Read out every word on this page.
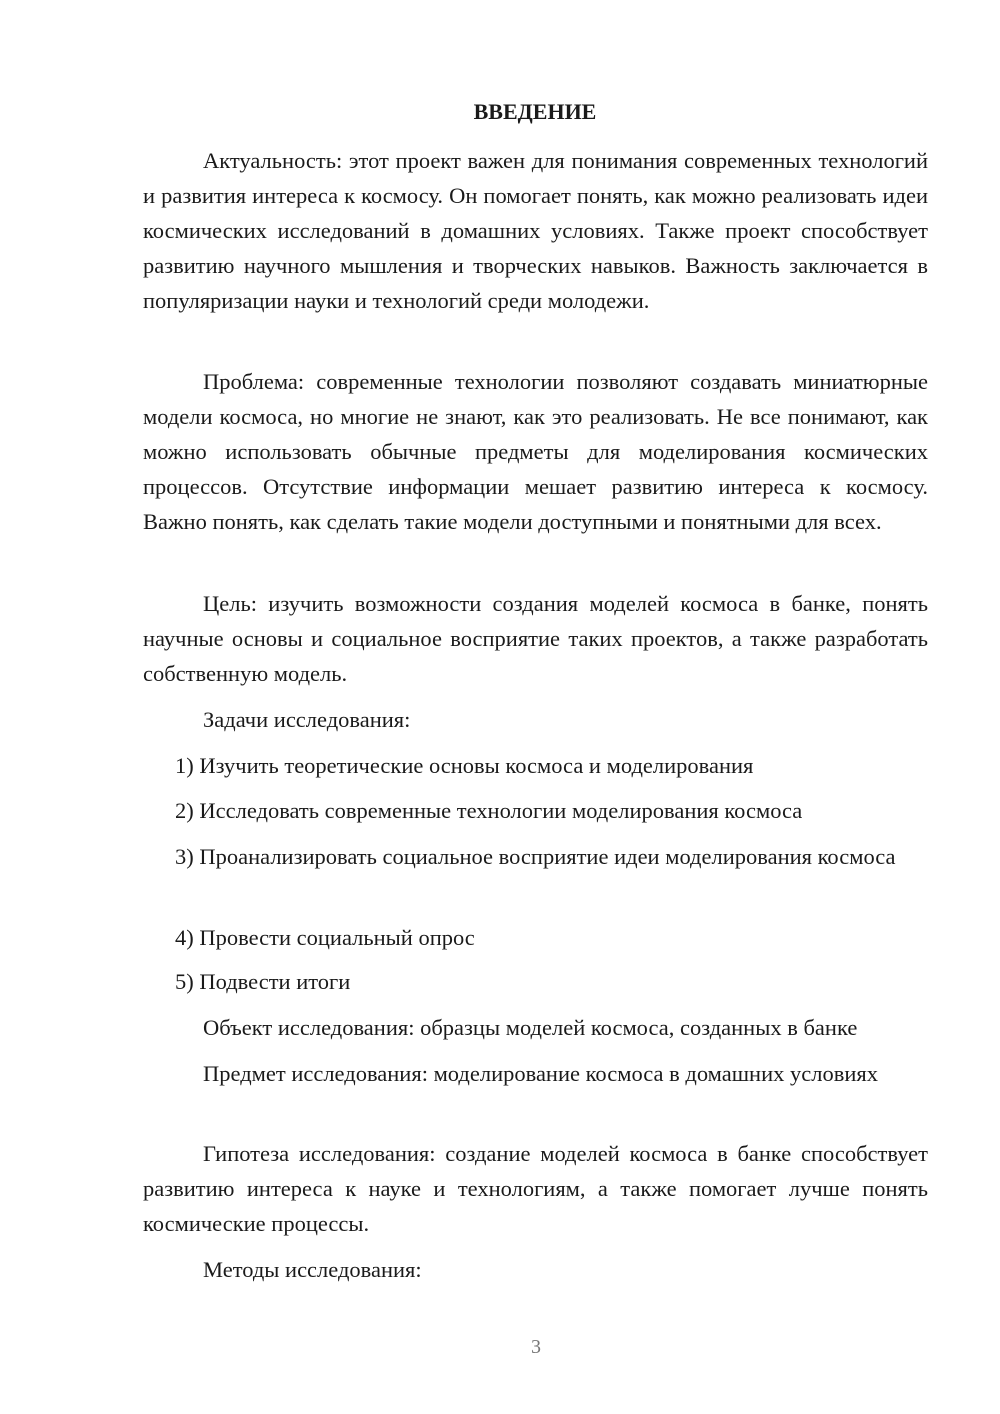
ВВЕДЕНИЕ

Актуальность: этот проект важен для понимания современных технологий и развития интереса к космосу. Он помогает понять, как можно реализовать идеи космических исследований в домашних условиях. Также проект способствует развитию научного мышления и творческих навыков. Важность заключается в популяризации науки и технологий среди молодежи.

Проблема: современные технологии позволяют создавать миниатюрные модели космоса, но многие не знают, как это реализовать. Не все понимают, как можно использовать обычные предметы для моделирования космических процессов. Отсутствие информации мешает развитию интереса к космосу. Важно понять, как сделать такие модели доступными и понятными для всех.

Цель: изучить возможности создания моделей космоса в банке, понять научные основы и социальное восприятие таких проектов, а также разработать собственную модель.

Задачи исследования:

1) Изучить теоретические основы космоса и моделирования

2) Исследовать современные технологии моделирования космоса

3) Проанализировать социальное восприятие идеи моделирования космоса

4) Провести социальный опрос

5) Подвести итоги

Объект исследования: образцы моделей космоса, созданных в банке

Предмет исследования: моделирование космоса в домашних условиях

Гипотеза исследования: создание моделей космоса в банке способствует развитию интереса к науке и технологиям, а также помогает лучше понять космические процессы.

Методы исследования:

3
